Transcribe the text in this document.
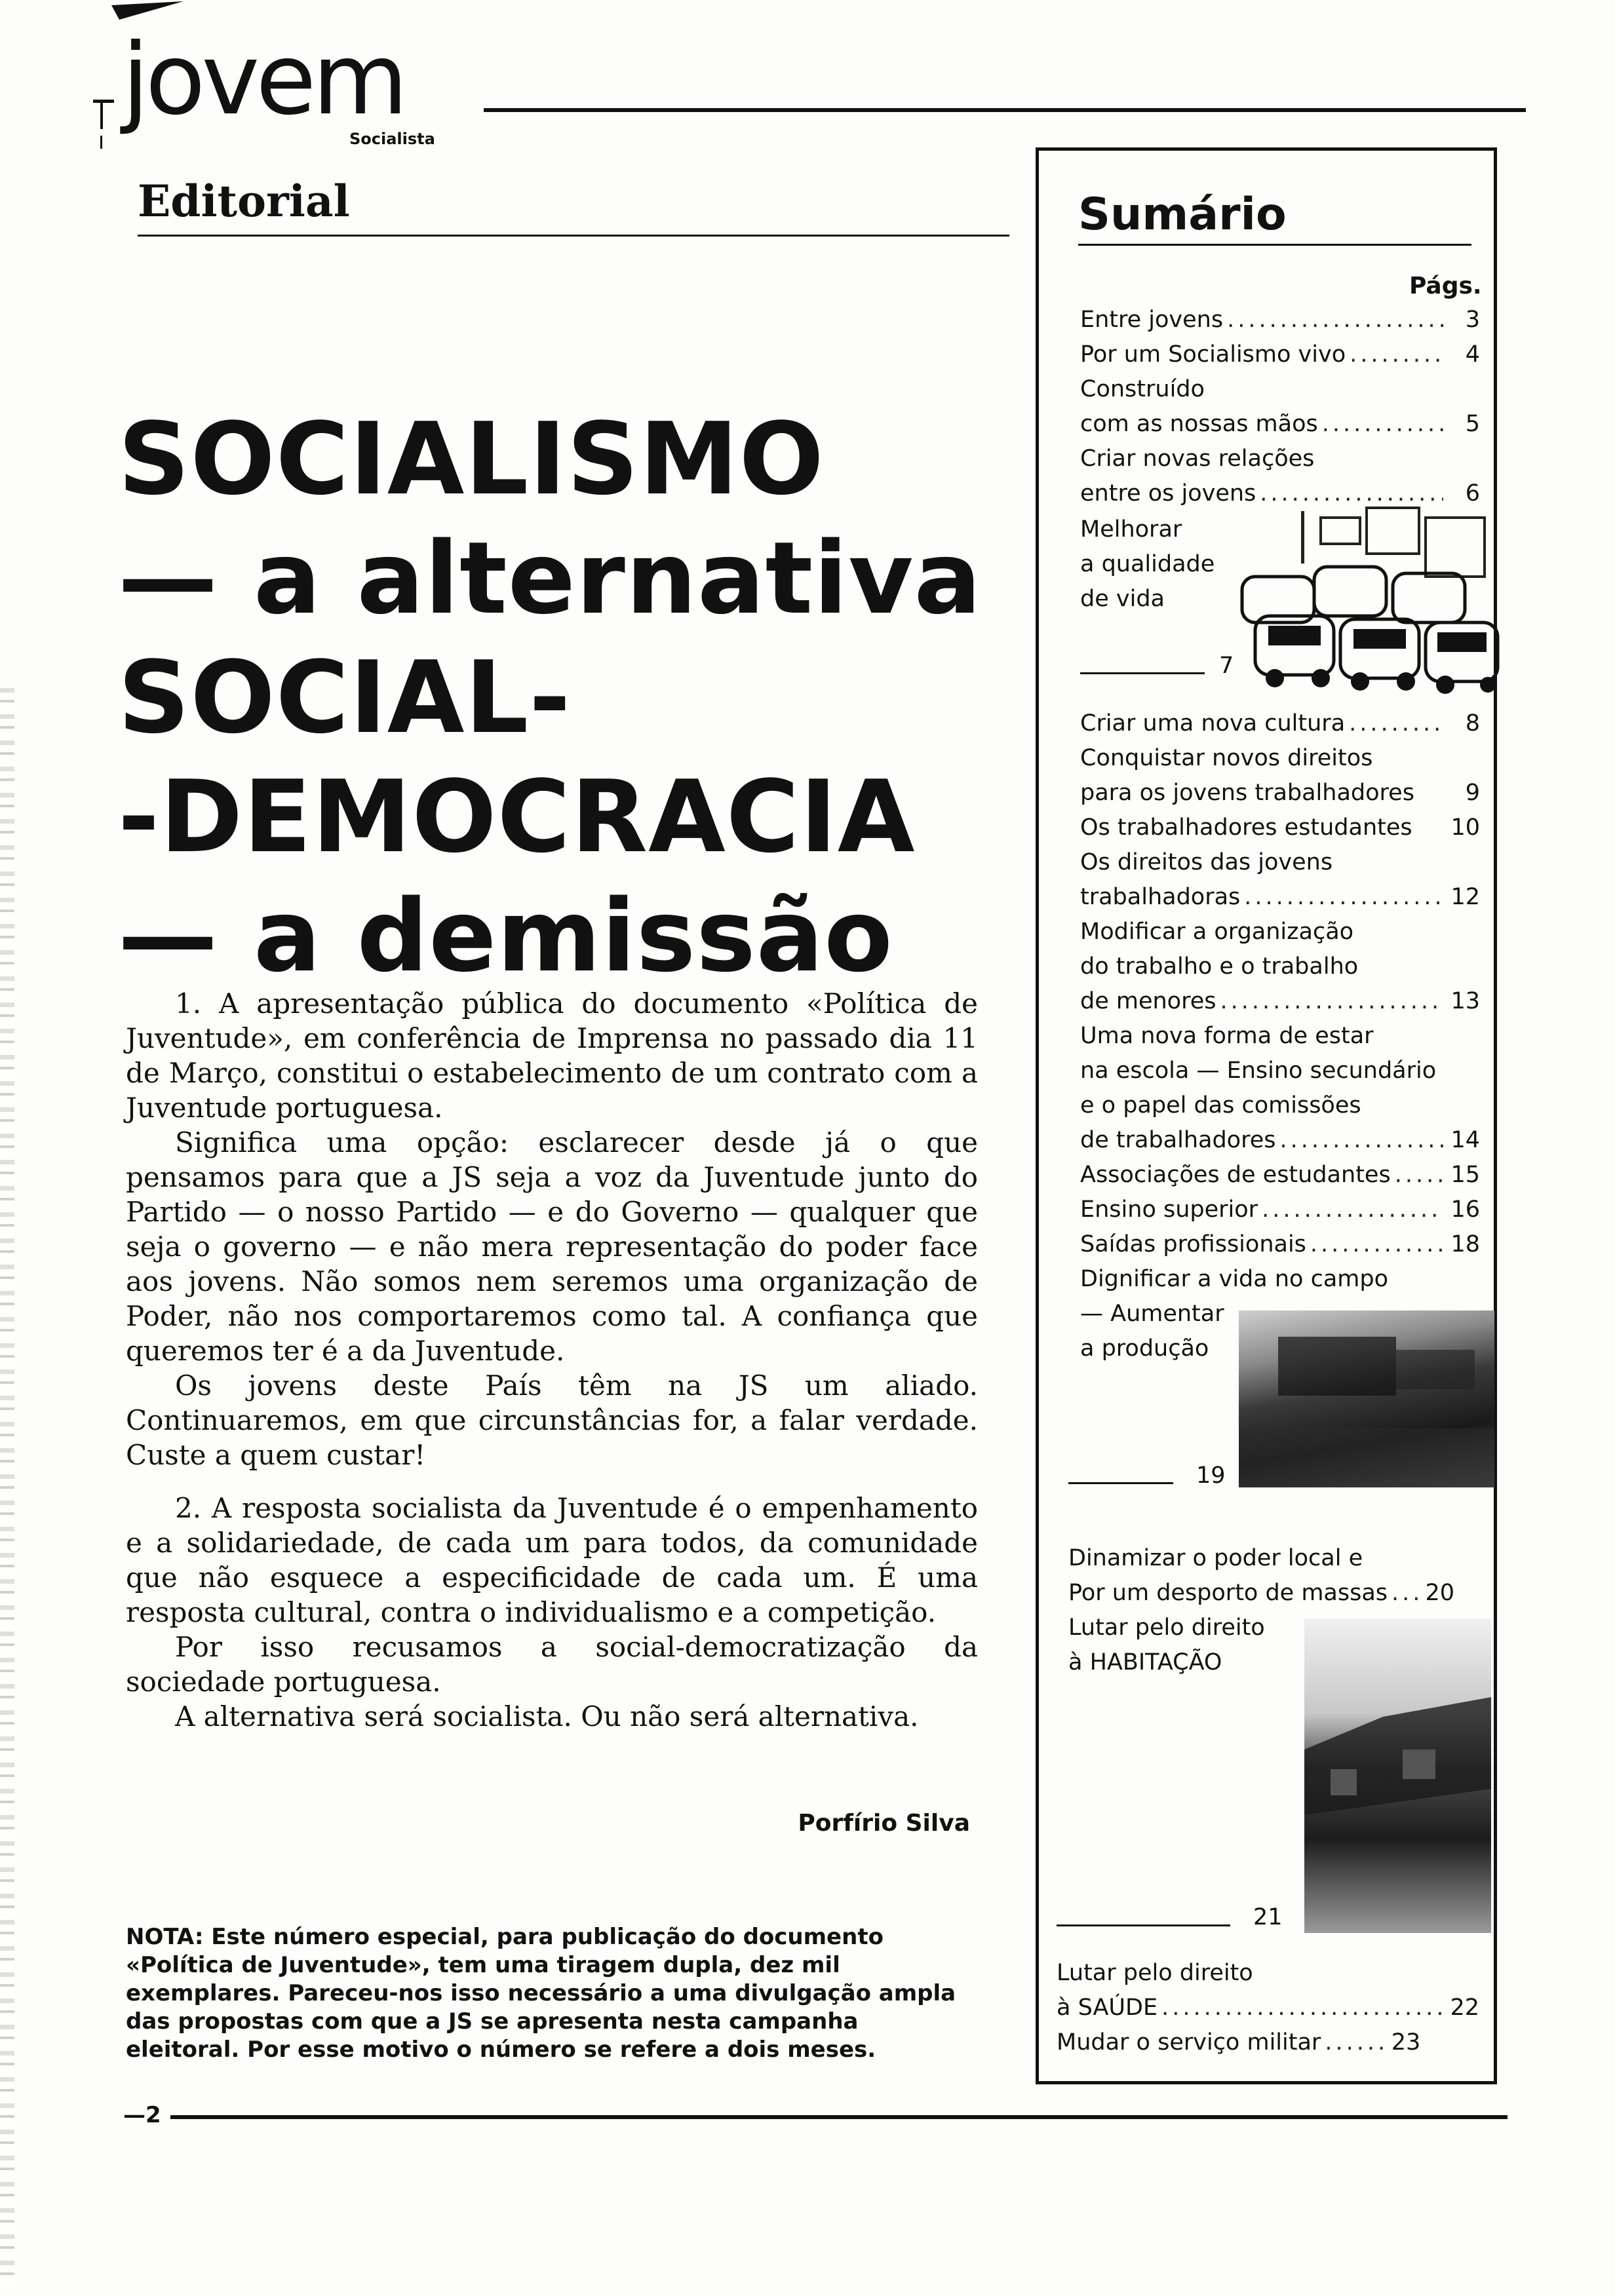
jovem
Socialista
Editorial
SOCIALISMO
— a alternativa
SOCIAL-
-DEMOCRACIA
— a demissão

1. A apresentação pública do documento «Política de Juventude», em conferência de Imprensa no passado dia 11 de Março, constitui o estabelecimento de um contrato com a Juventude portuguesa.

Significa uma opção: esclarecer desde já o que pensamos para que a JS seja a voz da Juventude junto do Partido — o nosso Partido — e do Governo — qualquer que seja o governo — e não mera representação do poder face aos jovens. Não somos nem seremos uma organização de Poder, não nos comportaremos como tal. A confiança que queremos ter é a da Juventude.

Os jovens deste País têm na JS um aliado. Continuaremos, em que circunstâncias for, a falar verdade. Custe a quem custar!

2. A resposta socialista da Juventude é o empenhamento e a solidariedade, de cada um para todos, da comunidade que não esquece a especificidade de cada um. É uma resposta cultural, contra o individualismo e a competição.

Por isso recusamos a social-democratização da sociedade portuguesa.

A alternativa será socialista. Ou não será alternativa.

Porfírio Silva
NOTA: Este número especial, para publicação do documento «Política de Juventude», tem uma tiragem dupla, dez mil exemplares. Pareceu-nos isso necessário a uma divulgação ampla das propostas com que a JS se apresenta nesta campanha eleitoral. Por esse motivo o número se refere a dois meses.
—2
Sumário
Págs.
Entre jovens .....	3
Por um Socialismo vivo .....	4
Construído
com as nossas mãos .....	5
Criar novas relações
entre os jovens .....	6
Melhorar
a qualidade
de vida
7
Criar uma nova cultura .....	8
Conquistar novos direitos
para os jovens trabalhadores	9
Os trabalhadores estudantes 10
Os direitos das jovens
trabalhadoras .....	12
Modificar a organização
do trabalho e o trabalho
de menores .....	13
Uma nova forma de estar
na escola — Ensino secundário
e o papel das comissões
de trabalhadores .....	14
Associações de estudantes .....	15
Ensino superior .....	16
Saídas profissionais .....	18
Dignificar a vida no campo
— Aumentar
a produção
19
Dinamizar o poder local e
Por um desporto de massas ..... 20
Lutar pelo direito
à HABITAÇÃO
21
Lutar pelo direito
à SAÚDE .....	22
Mudar o serviço militar .....	23
